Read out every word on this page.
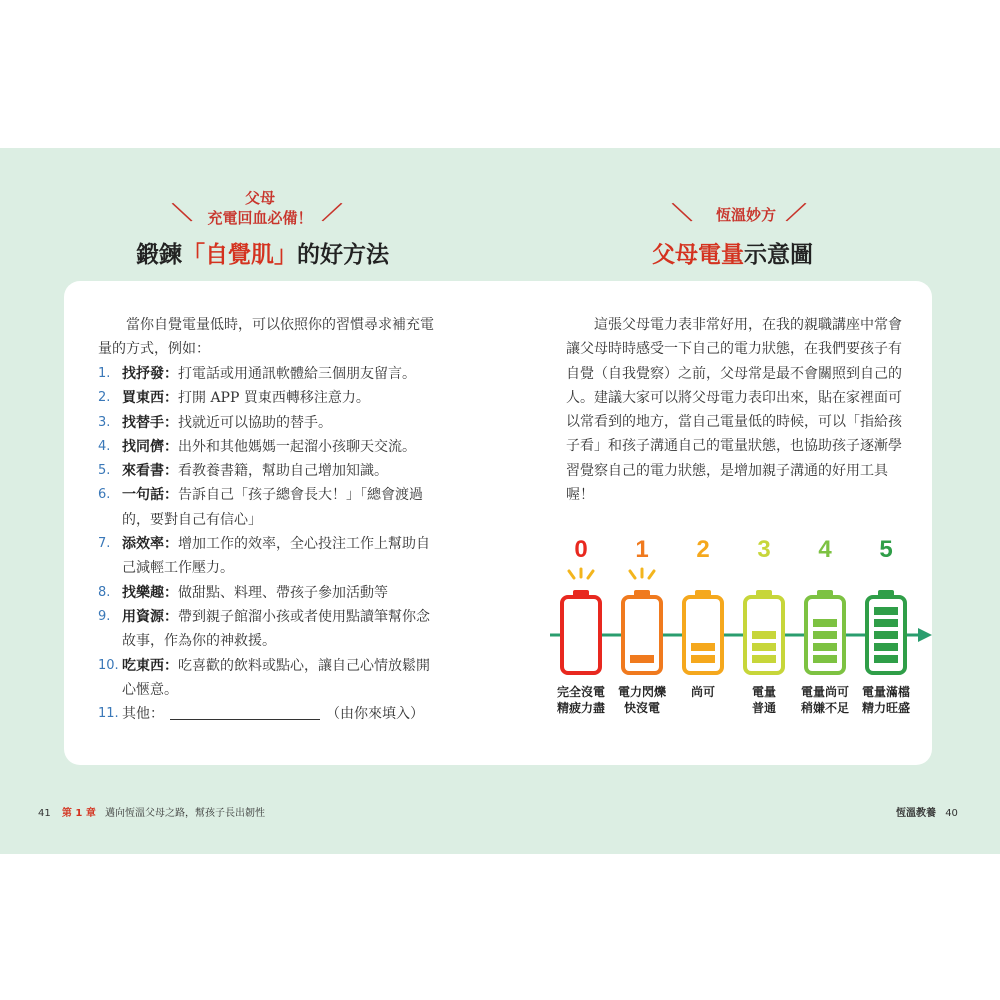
父母
充電回血必備！
╲	╱
鍛鍊「自覺肌」的好方法
當你自覺電量低時，可以依照你的習慣尋求補充電量的方式，例如：
1. 找抒發：打電話或用通訊軟體給三個朋友留言。
2. 買東西：打開 APP 買東西轉移注意力。
3. 找替手：找就近可以協助的替手。
4. 找同儕：出外和其他媽媽一起溜小孩聊天交流。
5. 來看書：看教養書籍，幫助自己增加知識。
6. 一句話：告訴自己「孩子總會長大！」「總會渡過的，要對自己有信心」
7. 添效率：增加工作的效率，全心投注工作上幫助自己減輕工作壓力。
8. 找樂趣：做甜點、料理、帶孩子參加活動等
9. 用資源：帶到親子館溜小孩或者使用點讀筆幫你念故事，作為你的神救援。
10. 吃東西：吃喜歡的飲料或點心，讓自己心情放鬆開心愜意。
11. 其他：	（由你來填入）
╲	恆溫妙方 ╱
父母電量示意圖
這張父母電力表非常好用，在我的親職講座中常會讓父母時時感受一下自己的電力狀態，在我們要孩子有自覺（自我覺察）之前，父母常是最不會關照到自己的人。建議大家可以將父母電力表印出來，貼在家裡面可以常看到的地方，當自己電量低的時候，可以「指給孩子看」和孩子溝通自己的電量狀態，也協助孩子逐漸學習覺察自己的電力狀態，是增加親子溝通的好用工具喔！
0 1 2 3 4 5
完全沒電
精疲力盡
電力閃爍
快沒電
尚可	電量
普通
電量尚可
稍嫌不足
電量滿檔
精力旺盛
41 第 1 章 邁向恆溫父母之路，幫孩子長出韌性	恆溫教養 40
